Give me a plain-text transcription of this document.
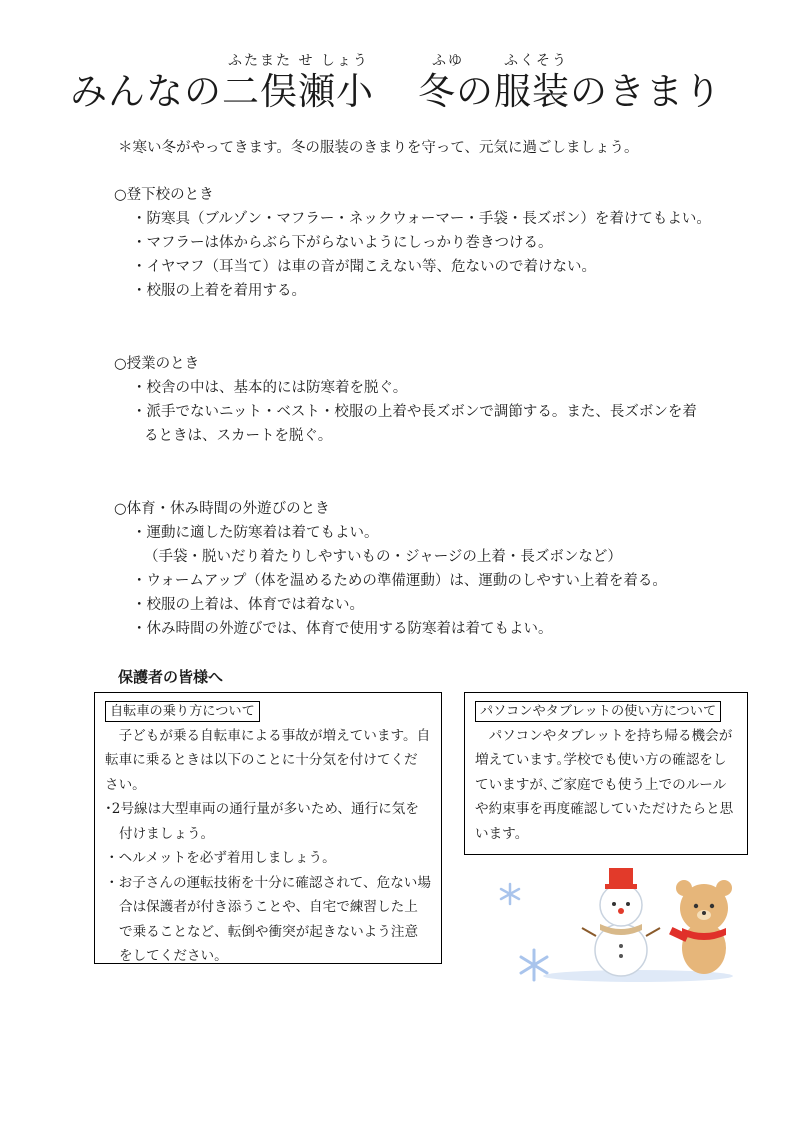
ふたまた せ しょう	ふゆ	ふくそう
みんなの二俣瀬小 冬の服装のきまり
＊寒い冬がやってきます。冬の服装のきまりを守って、元気に過ごしましょう。
○登下校のとき
・防寒具（ブルゾン・マフラー・ネックウォーマー・手袋・長ズボン）を着けてもよい。
・マフラーは体からぶら下がらないようにしっかり巻きつける。
・イヤマフ（耳当て）は車の音が聞こえない等、危ないので着けない。
・校服の上着を着用する。
○授業のとき
・校舎の中は、基本的には防寒着を脱ぐ。
・派手でないニット・ベスト・校服の上着や長ズボンで調節する。また、長ズボンを着
るときは、スカートを脱ぐ。
○体育・休み時間の外遊びのとき
・運動に適した防寒着は着てもよい。
（手袋・脱いだり着たりしやすいもの・ジャージの上着・長ズボンなど）
・ウォームアップ（体を温めるための準備運動）は、運動のしやすい上着を着る。
・校服の上着は、体育では着ない。
・休み時間の外遊びでは、体育で使用する防寒着は着てもよい。
保護者の皆様へ
自転車の乗り方について

子どもが乗る自転車による事故が増えています。自転車に乗るときは以下のことに十分気を付けてください。

･2号線は大型車両の通行量が多いため、通行に気を付けましょう。

・ヘルメットを必ず着用しましょう。

・お子さんの運転技術を十分に確認されて、危ない場合は保護者が付き添うことや、自宅で練習した上で乗ることなど、転倒や衝突が起きないよう注意をしてください。

パソコンやタブレットの使い方について

パソコンやタブレットを持ち帰る機会が増えています｡学校でも使い方の確認をしていますが､ご家庭でも使う上でのルールや約束事を再度確認していただけたらと思います。
